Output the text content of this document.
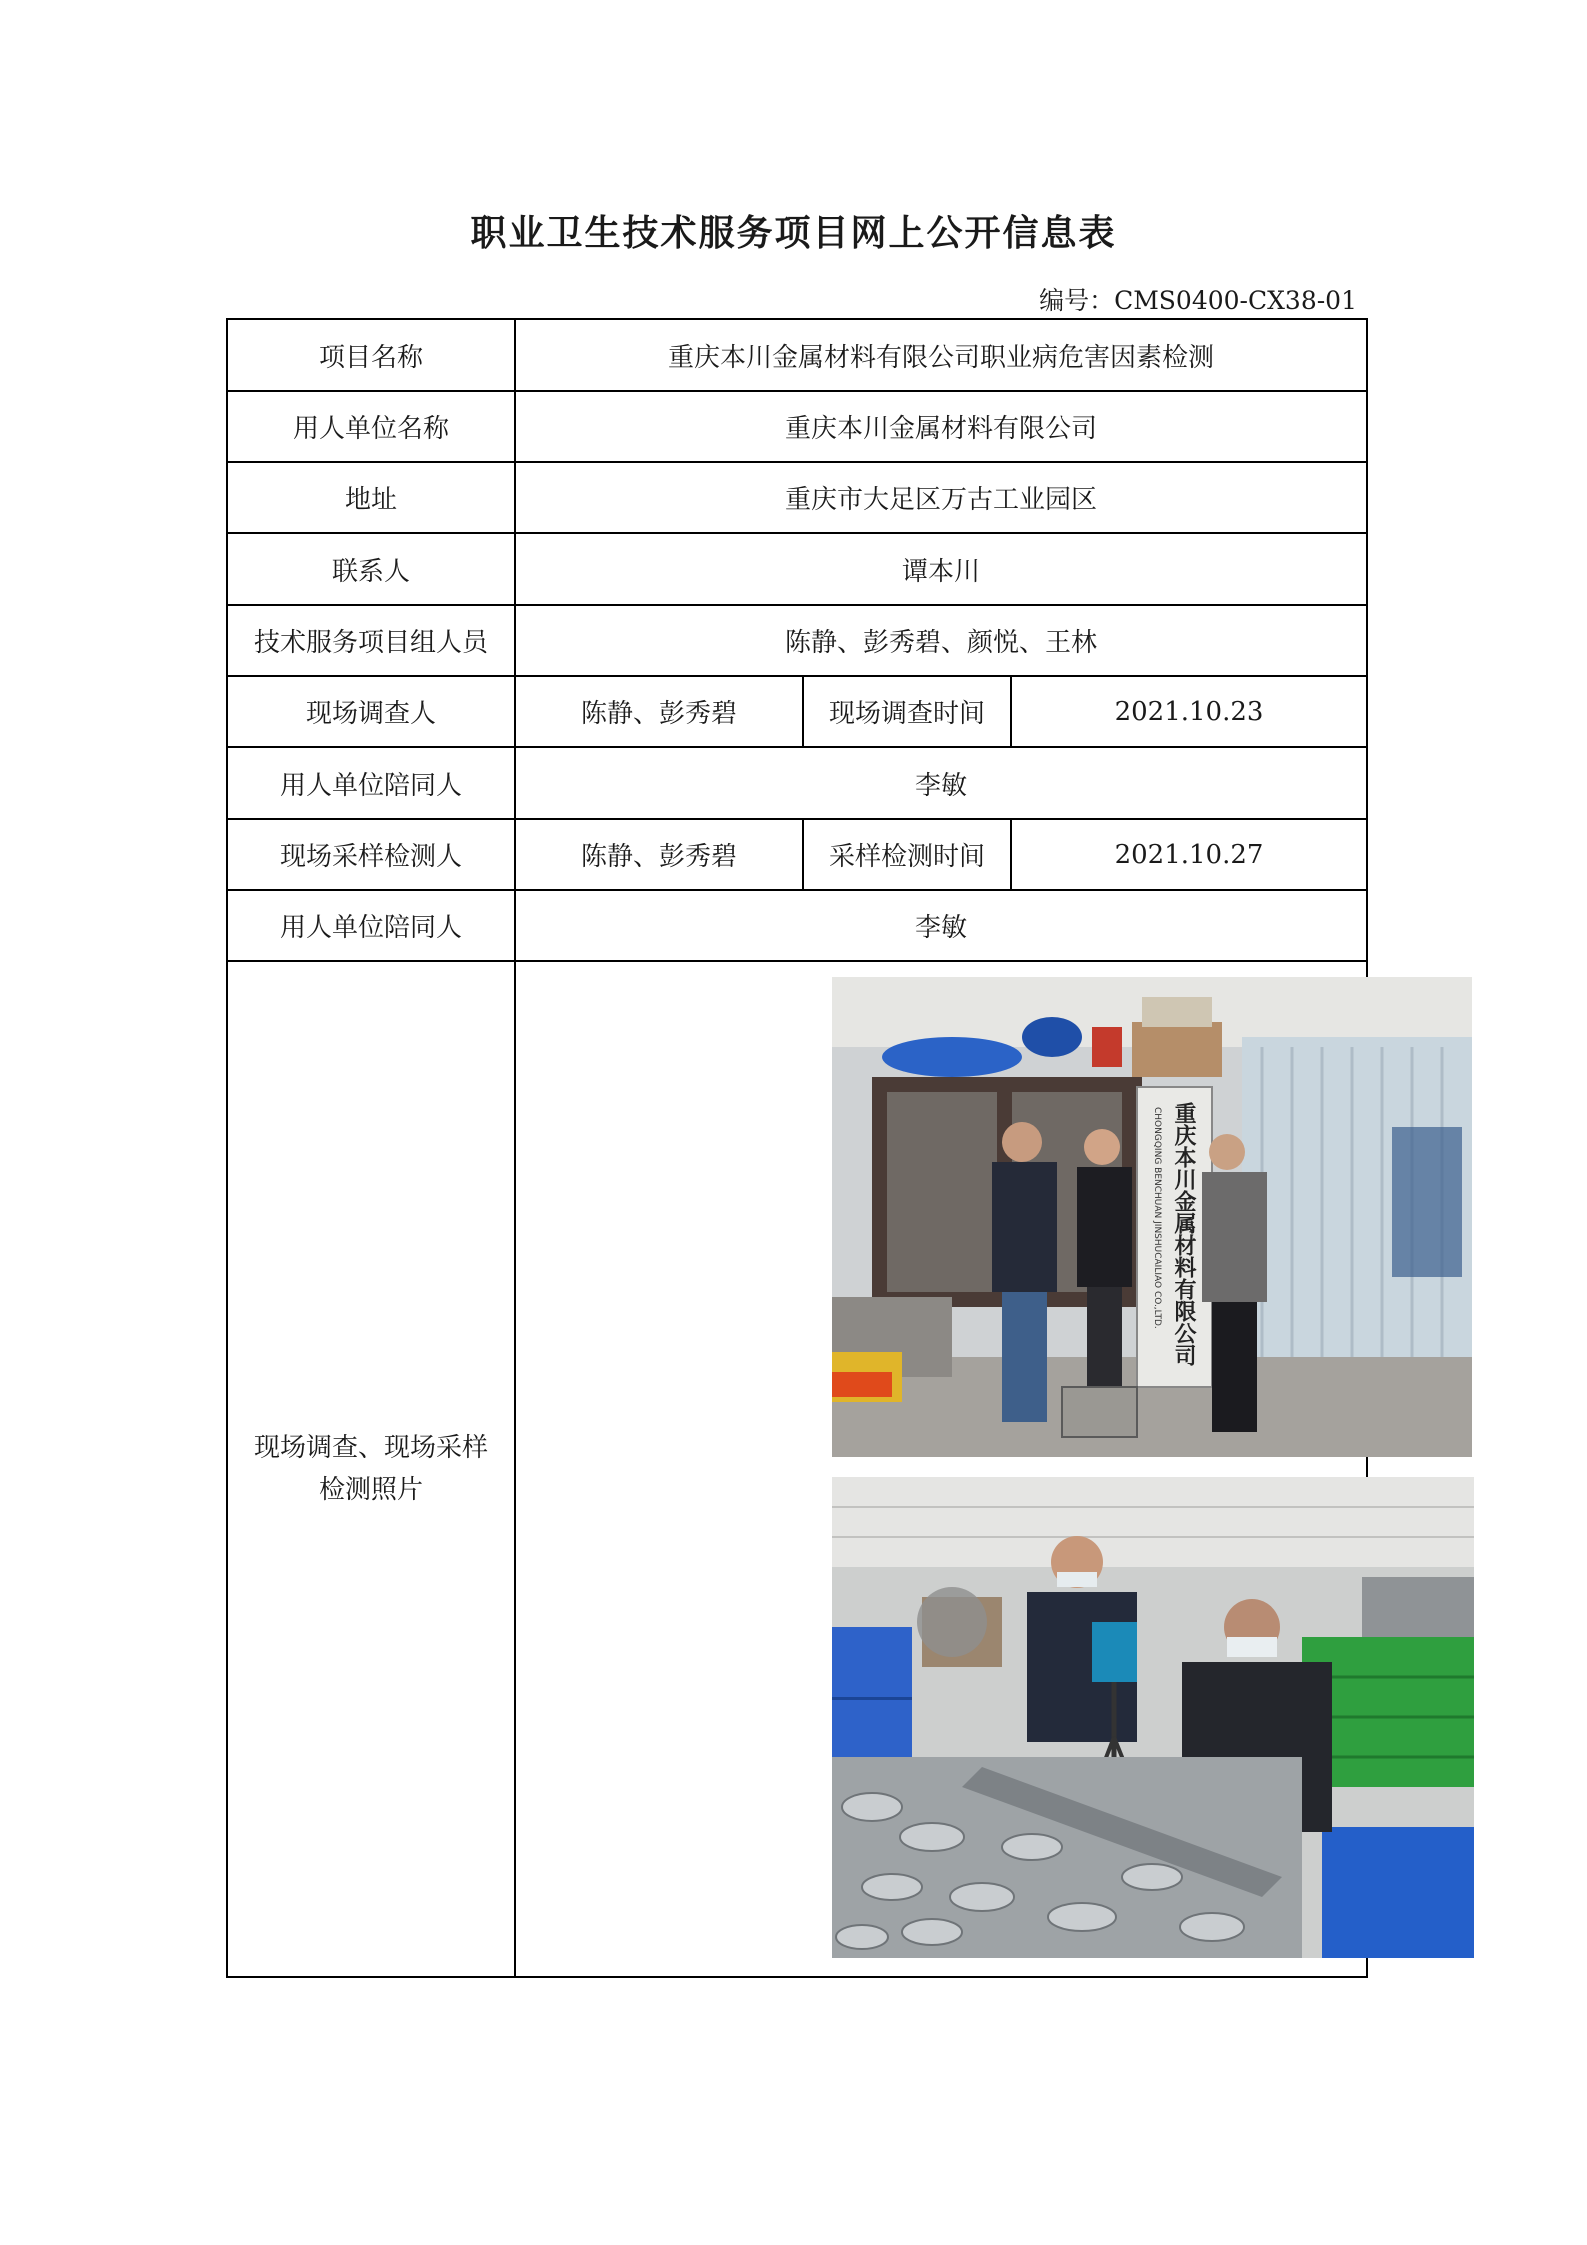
职业卫生技术服务项目网上公开信息表
编号：CMS0400-CX38-01
项目名称	重庆本川金属材料有限公司职业病危害因素检测
用人单位名称	重庆本川金属材料有限公司
地址	重庆市大足区万古工业园区
联系人	谭本川
技术服务项目组人员	陈静、彭秀碧、颜悦、王林
现场调查人	陈静、彭秀碧	现场调查时间	2021.10.23
用人单位陪同人	李敏
现场采样检测人	陈静、彭秀碧	采样检测时间	2021.10.27
用人单位陪同人	李敏
现场调查、现场采样
检测照片
重庆本川金属材料有限公司
CHONGQING BENCHUAN JINSHUCAILIAO CO.,LTD.
